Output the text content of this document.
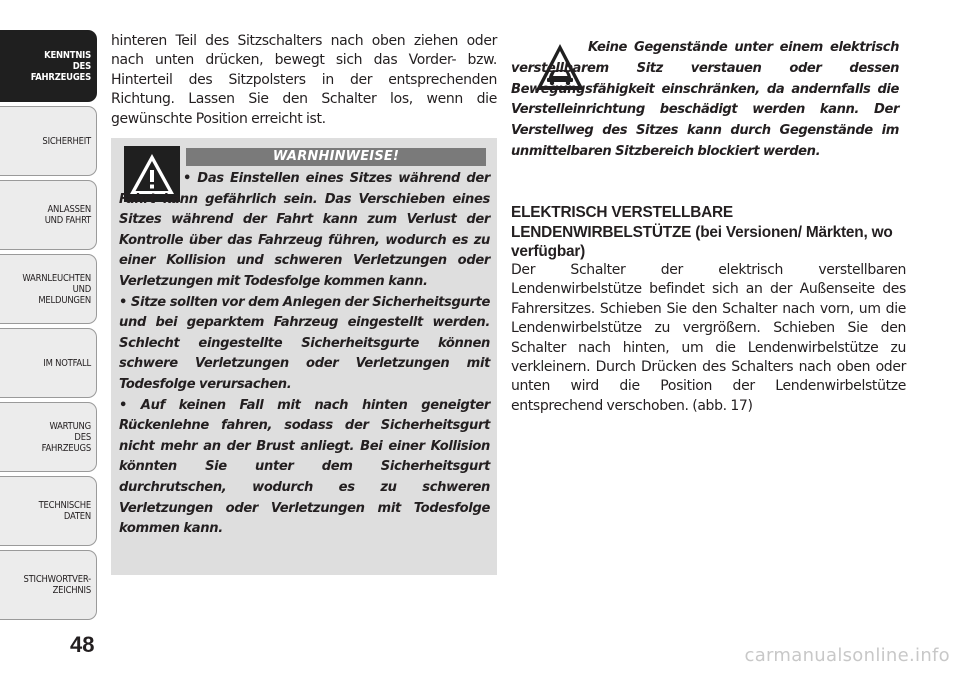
KENNTNIS
DES
FAHRZEUGES
SICHERHEIT
ANLASSEN
UND FAHRT
WARNLEUCHTEN
UND
MELDUNGEN
IM NOTFALL
WARTUNG
DES
FAHRZEUGS
TECHNISCHE
DATEN
STICHWORTVER-
ZEICHNIS
48

hinteren Teil des Sitzschalters nach oben ziehen oder nach unten drücken, bewegt sich das Vorder- bzw. Hinterteil des Sitzpolsters in der entsprechenden Richtung. Lassen Sie den Schalter los, wenn die gewünschte Position erreicht ist.

WARNHINWEISE!

• Das Einstellen eines Sitzes während der Fahrt kann gefährlich sein. Das Verschieben eines Sitzes während der Fahrt kann zum Verlust der Kontrolle über das Fahrzeug führen, wodurch es zu einer Kollision und schweren Verletzungen oder Verletzungen mit Todesfolge kommen kann.

• Sitze sollten vor dem Anlegen der Sicherheitsgurte und bei geparktem Fahrzeug eingestellt werden. Schlecht eingestellte Sicherheitsgurte können schwere Verletzungen oder Verletzungen mit Todesfolge verursachen.

• Auf keinen Fall mit nach hinten geneigter Rückenlehne fahren, sodass der Sicherheitsgurt nicht mehr an der Brust anliegt. Bei einer Kollision könnten Sie unter dem Sicherheitsgurt durchrutschen, wodurch es zu schweren Verletzungen oder Verletzungen mit Todesfolge kommen kann.

Keine Gegenstände unter einem elektrisch verstellbarem Sitz verstauen oder dessen Bewegungsfähigkeit einschränken, da andernfalls die Verstelleinrichtung beschädigt werden kann. Der Verstellweg des Sitzes kann durch Gegenstände im unmittelbaren Sitzbereich blockiert werden.

ELEKTRISCH VERSTELLBARE LENDENWIRBELSTÜTZE (bei Versionen/ Märkten, wo verfügbar)

Der Schalter der elektrisch verstellbaren Lendenwirbelstütze befindet sich an der Außenseite des Fahrersitzes. Schieben Sie den Schalter nach vorn, um die Lendenwirbelstütze zu vergrößern. Schieben Sie den Schalter nach hinten, um die Lendenwirbelstütze zu verkleinern. Durch Drücken des Schalters nach oben oder unten wird die Position der Lendenwirbelstütze entsprechend verschoben. (abb. 17)

carmanualsonline.info
